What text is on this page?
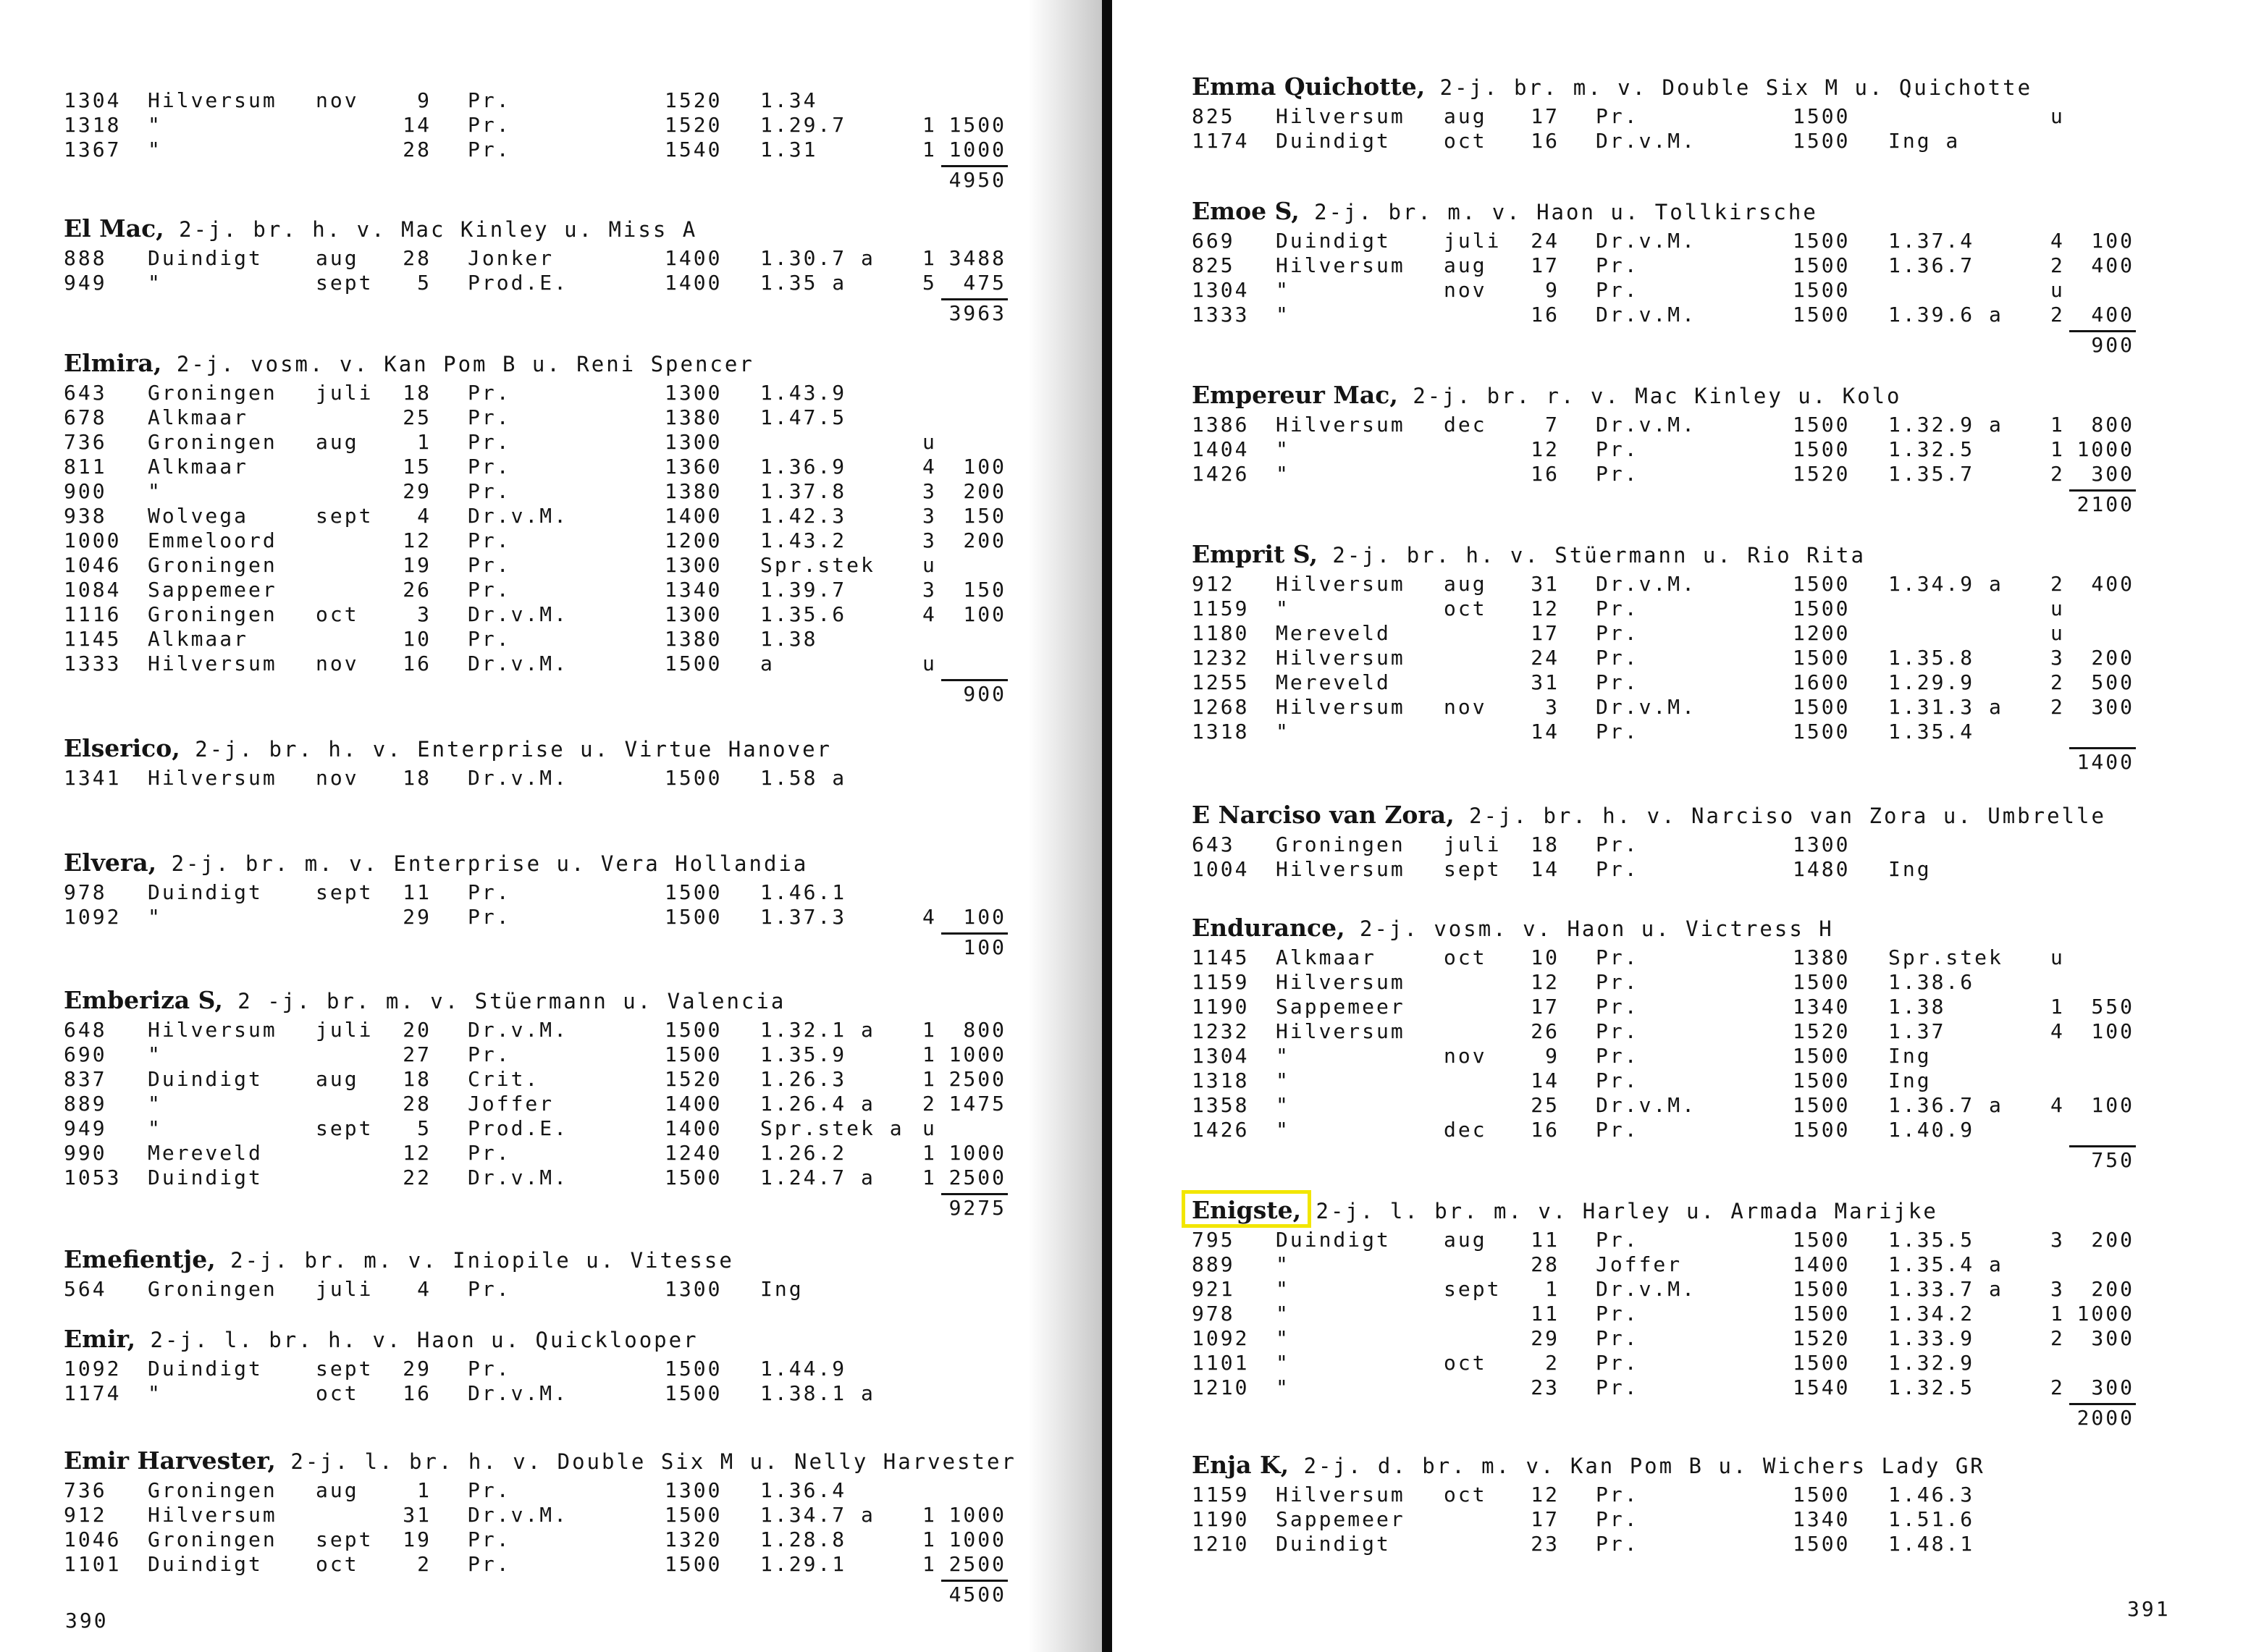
390
1304 Hilversum nov	9 Pr.	1520 1.34
1318 "	14 Pr.	1520 1.29.7	1 1500
1367 "	28 Pr.	1540 1.31	1 1000
4950
El Mac, 2-j. br. h. v. Mac Kinley u. Miss A
888 Duindigt	aug	28 Jonker	1400 1.30.7 a 1 3488
949 "	sept	5 Prod.E.	1400 1.35 a	5	475
3963
Elmira, 2-j. vosm. v. Kan Pom B u. Reni Spencer
643 Groningen juli	18 Pr.	1300 1.43.9
678 Alkmaar	25 Pr.	1380 1.47.5
736 Groningen aug	1 Pr.	1300	u
811 Alkmaar	15 Pr.	1360 1.36.9	4	100
900 "	29 Pr.	1380 1.37.8	3	200
938 Wolvega	sept	4 Dr.v.M.	1400 1.42.3	3	150
1000 Emmeloord	12 Pr.	1200 1.43.2	3	200
1046 Groningen	19 Pr.	1300 Spr.stek u
1084 Sappemeer	26 Pr.	1340 1.39.7	3	150
1116 Groningen oct	3 Dr.v.M.	1300 1.35.6	4	100
1145 Alkmaar	10 Pr.	1380 1.38
1333 Hilversum nov	16 Dr.v.M.	1500 a	u
900
Elserico, 2-j. br. h. v. Enterprise u. Virtue Hanover
1341 Hilversum nov	18 Dr.v.M.	1500 1.58 a
Elvera, 2-j. br. m. v. Enterprise u. Vera Hollandia
978 Duindigt	sept	11 Pr.	1500 1.46.1
1092 "	29 Pr.	1500 1.37.3	4	100
100
Emberiza S, 2 -j. br. m. v. Stüermann u. Valencia
648 Hilversum juli	20 Dr.v.M.	1500 1.32.1 a 1	800
690 "	27 Pr.	1500 1.35.9	1 1000
837 Duindigt	aug	18 Crit.	1520 1.26.3	1 2500
889 "	28 Joffer	1400 1.26.4 a 2 1475
949 "	sept	5 Prod.E.	1400 Spr.stek a u
990 Mereveld	12 Pr.	1240 1.26.2	1 1000
1053 Duindigt	22 Dr.v.M.	1500 1.24.7 a 1 2500
9275
Emefientje, 2-j. br. m. v. Iniopile u. Vitesse
564 Groningen juli	4 Pr.	1300 Ing
Emir, 2-j. l. br. h. v. Haon u. Quicklooper
1092 Duindigt	sept	29 Pr.	1500 1.44.9
1174 "	oct	16 Dr.v.M.	1500 1.38.1 a
Emir Harvester, 2-j. l. br. h. v. Double Six M u. Nelly Harvester
736 Groningen aug	1 Pr.	1300 1.36.4
912 Hilversum	31 Dr.v.M.	1500 1.34.7 a 1 1000
1046 Groningen sept	19 Pr.	1320 1.28.8	1 1000
1101 Duindigt	oct	2 Pr.	1500 1.29.1	1 2500
4500
391
Emma Quichotte, 2-j. br. m. v. Double Six M u. Quichotte
825 Hilversum aug	17 Pr.	1500	u
1174 Duindigt	oct	16 Dr.v.M.	1500 Ing a
Emoe S, 2-j. br. m. v. Haon u. Tollkirsche
669 Duindigt	juli	24 Dr.v.M.	1500 1.37.4	4	100
825 Hilversum aug	17 Pr.	1500 1.36.7	2	400
1304 "	nov	9 Pr.	1500	u
1333 "	16 Dr.v.M.	1500 1.39.6 a 2	400
900
Empereur Mac, 2-j. br. r. v. Mac Kinley u. Kolo
1386 Hilversum dec	7 Dr.v.M.	1500 1.32.9 a 1	800
1404 "	12 Pr.	1500 1.32.5	1 1000
1426 "	16 Pr.	1520 1.35.7	2	300
2100
Emprit S, 2-j. br. h. v. Stüermann u. Rio Rita
912 Hilversum aug	31 Dr.v.M.	1500 1.34.9 a 2	400
1159 "	oct	12 Pr.	1500	u
1180 Mereveld	17 Pr.	1200	u
1232 Hilversum	24 Pr.	1500 1.35.8	3	200
1255 Mereveld	31 Pr.	1600 1.29.9	2	500
1268 Hilversum nov	3 Dr.v.M.	1500 1.31.3 a 2	300
1318 "	14 Pr.	1500 1.35.4
1400
E Narciso van Zora, 2-j. br. h. v. Narciso van Zora u. Umbrelle
643 Groningen juli	18 Pr.	1300
1004 Hilversum sept	14 Pr.	1480 Ing
Endurance, 2-j. vosm. v. Haon u. Victress H
1145 Alkmaar	oct	10 Pr.	1380 Spr.stek u
1159 Hilversum	12 Pr.	1500 1.38.6
1190 Sappemeer	17 Pr.	1340 1.38	1	550
1232 Hilversum	26 Pr.	1520 1.37	4	100
1304 "	nov	9 Pr.	1500 Ing
1318 "	14 Pr.	1500 Ing
1358 "	25 Dr.v.M.	1500 1.36.7 a 4	100
1426 "	dec	16 Pr.	1500 1.40.9
750
Enigste, 2-j. l. br. m. v. Harley u. Armada Marijke
795 Duindigt	aug	11 Pr.	1500 1.35.5	3	200
889 "	28 Joffer	1400 1.35.4 a
921 "	sept	1 Dr.v.M.	1500 1.33.7 a 3	200
978 "	11 Pr.	1500 1.34.2	1 1000
1092 "	29 Pr.	1520 1.33.9	2	300
1101 "	oct	2 Pr.	1500 1.32.9
1210 "	23 Pr.	1540 1.32.5	2	300
2000
Enja K, 2-j. d. br. m. v. Kan Pom B u. Wichers Lady GR
1159 Hilversum oct	12 Pr.	1500 1.46.3
1190 Sappemeer	17 Pr.	1340 1.51.6
1210 Duindigt	23 Pr.	1500 1.48.1
